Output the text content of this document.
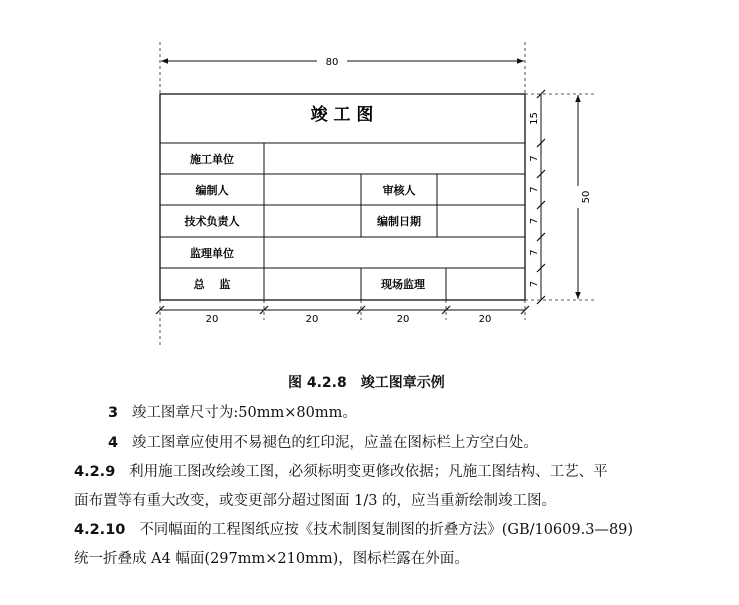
80
竣 工 图
施工单位
编制人	审核人
技术负责人	编制日期
监理单位
总　 监	现场监理
15
7
7
7
7
7
50
20	20	20	20
图 4.2.8　竣工图章示例
3 竣工图章尺寸为:50mm×80mm。
4 竣工图章应使用不易褪色的红印泥，应盖在图标栏上方空白处。
4.2.9 利用施工图改绘竣工图，必须标明变更修改依据；凡施工图结构、工艺、平
面布置等有重大改变，或变更部分超过图面 1/3 的，应当重新绘制竣工图。
4.2.10 不同幅面的工程图纸应按《技术制图复制图的折叠方法》(GB/10609.3—89)
统一折叠成 A4 幅面(297mm×210mm)，图标栏露在外面。
